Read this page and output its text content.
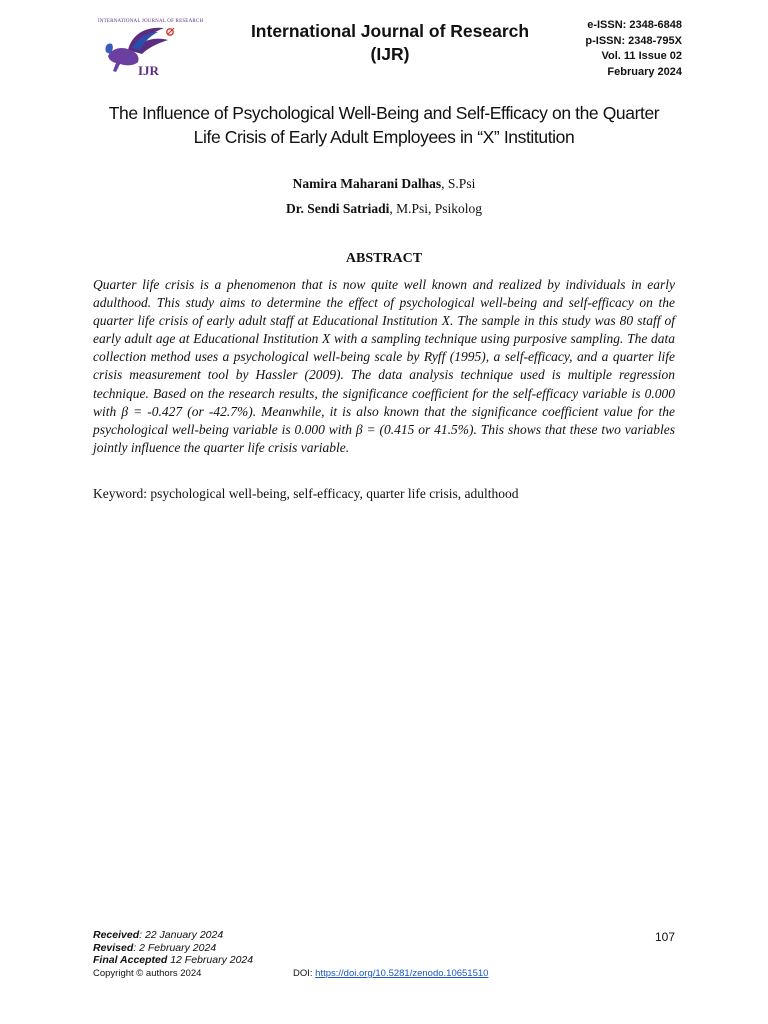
INTERNATIONAL JOURNAL OF RESEARCH
IJR
International Journal of Research
(IJR)
e-ISSN: 2348-6848
p-ISSN: 2348-795X
Vol. 11 Issue 02
February 2024
The Influence of Psychological Well-Being and Self-Efficacy on the Quarter
Life Crisis of Early Adult Employees in “X” Institution
Namira Maharani Dalhas, S.Psi
Dr. Sendi Satriadi, M.Psi, Psikolog
ABSTRACT
Quarter life crisis is a phenomenon that is now quite well known and realized by individuals in early adulthood. This study aims to determine the effect of psychological well-being and self-efficacy on the quarter life crisis of early adult staff at Educational Institution X. The sample in this study was 80 staff of early adult age at Educational Institution X with a sampling technique using purposive sampling. The data collection method uses a psychological well-being scale by Ryff (1995), a self-efficacy, and a quarter life crisis measurement tool by Hassler (2009). The data analysis technique used is multiple regression technique. Based on the research results, the significance coefficient for the self-efficacy variable is 0.000 with β = -0.427 (or -42.7%). Meanwhile, it is also known that the significance coefficient value for the psychological well-being variable is 0.000 with β = (0.415 or 41.5%). This shows that these two variables jointly influence the quarter life crisis variable.
Keyword: psychological well-being, self-efficacy, quarter life crisis, adulthood
Received: 22 January 2024
Revised: 2 February 2024
Final Accepted 12 February 2024
Copyright © authors 2024	DOI: https://doi.org/10.5281/zenodo.10651510
107
